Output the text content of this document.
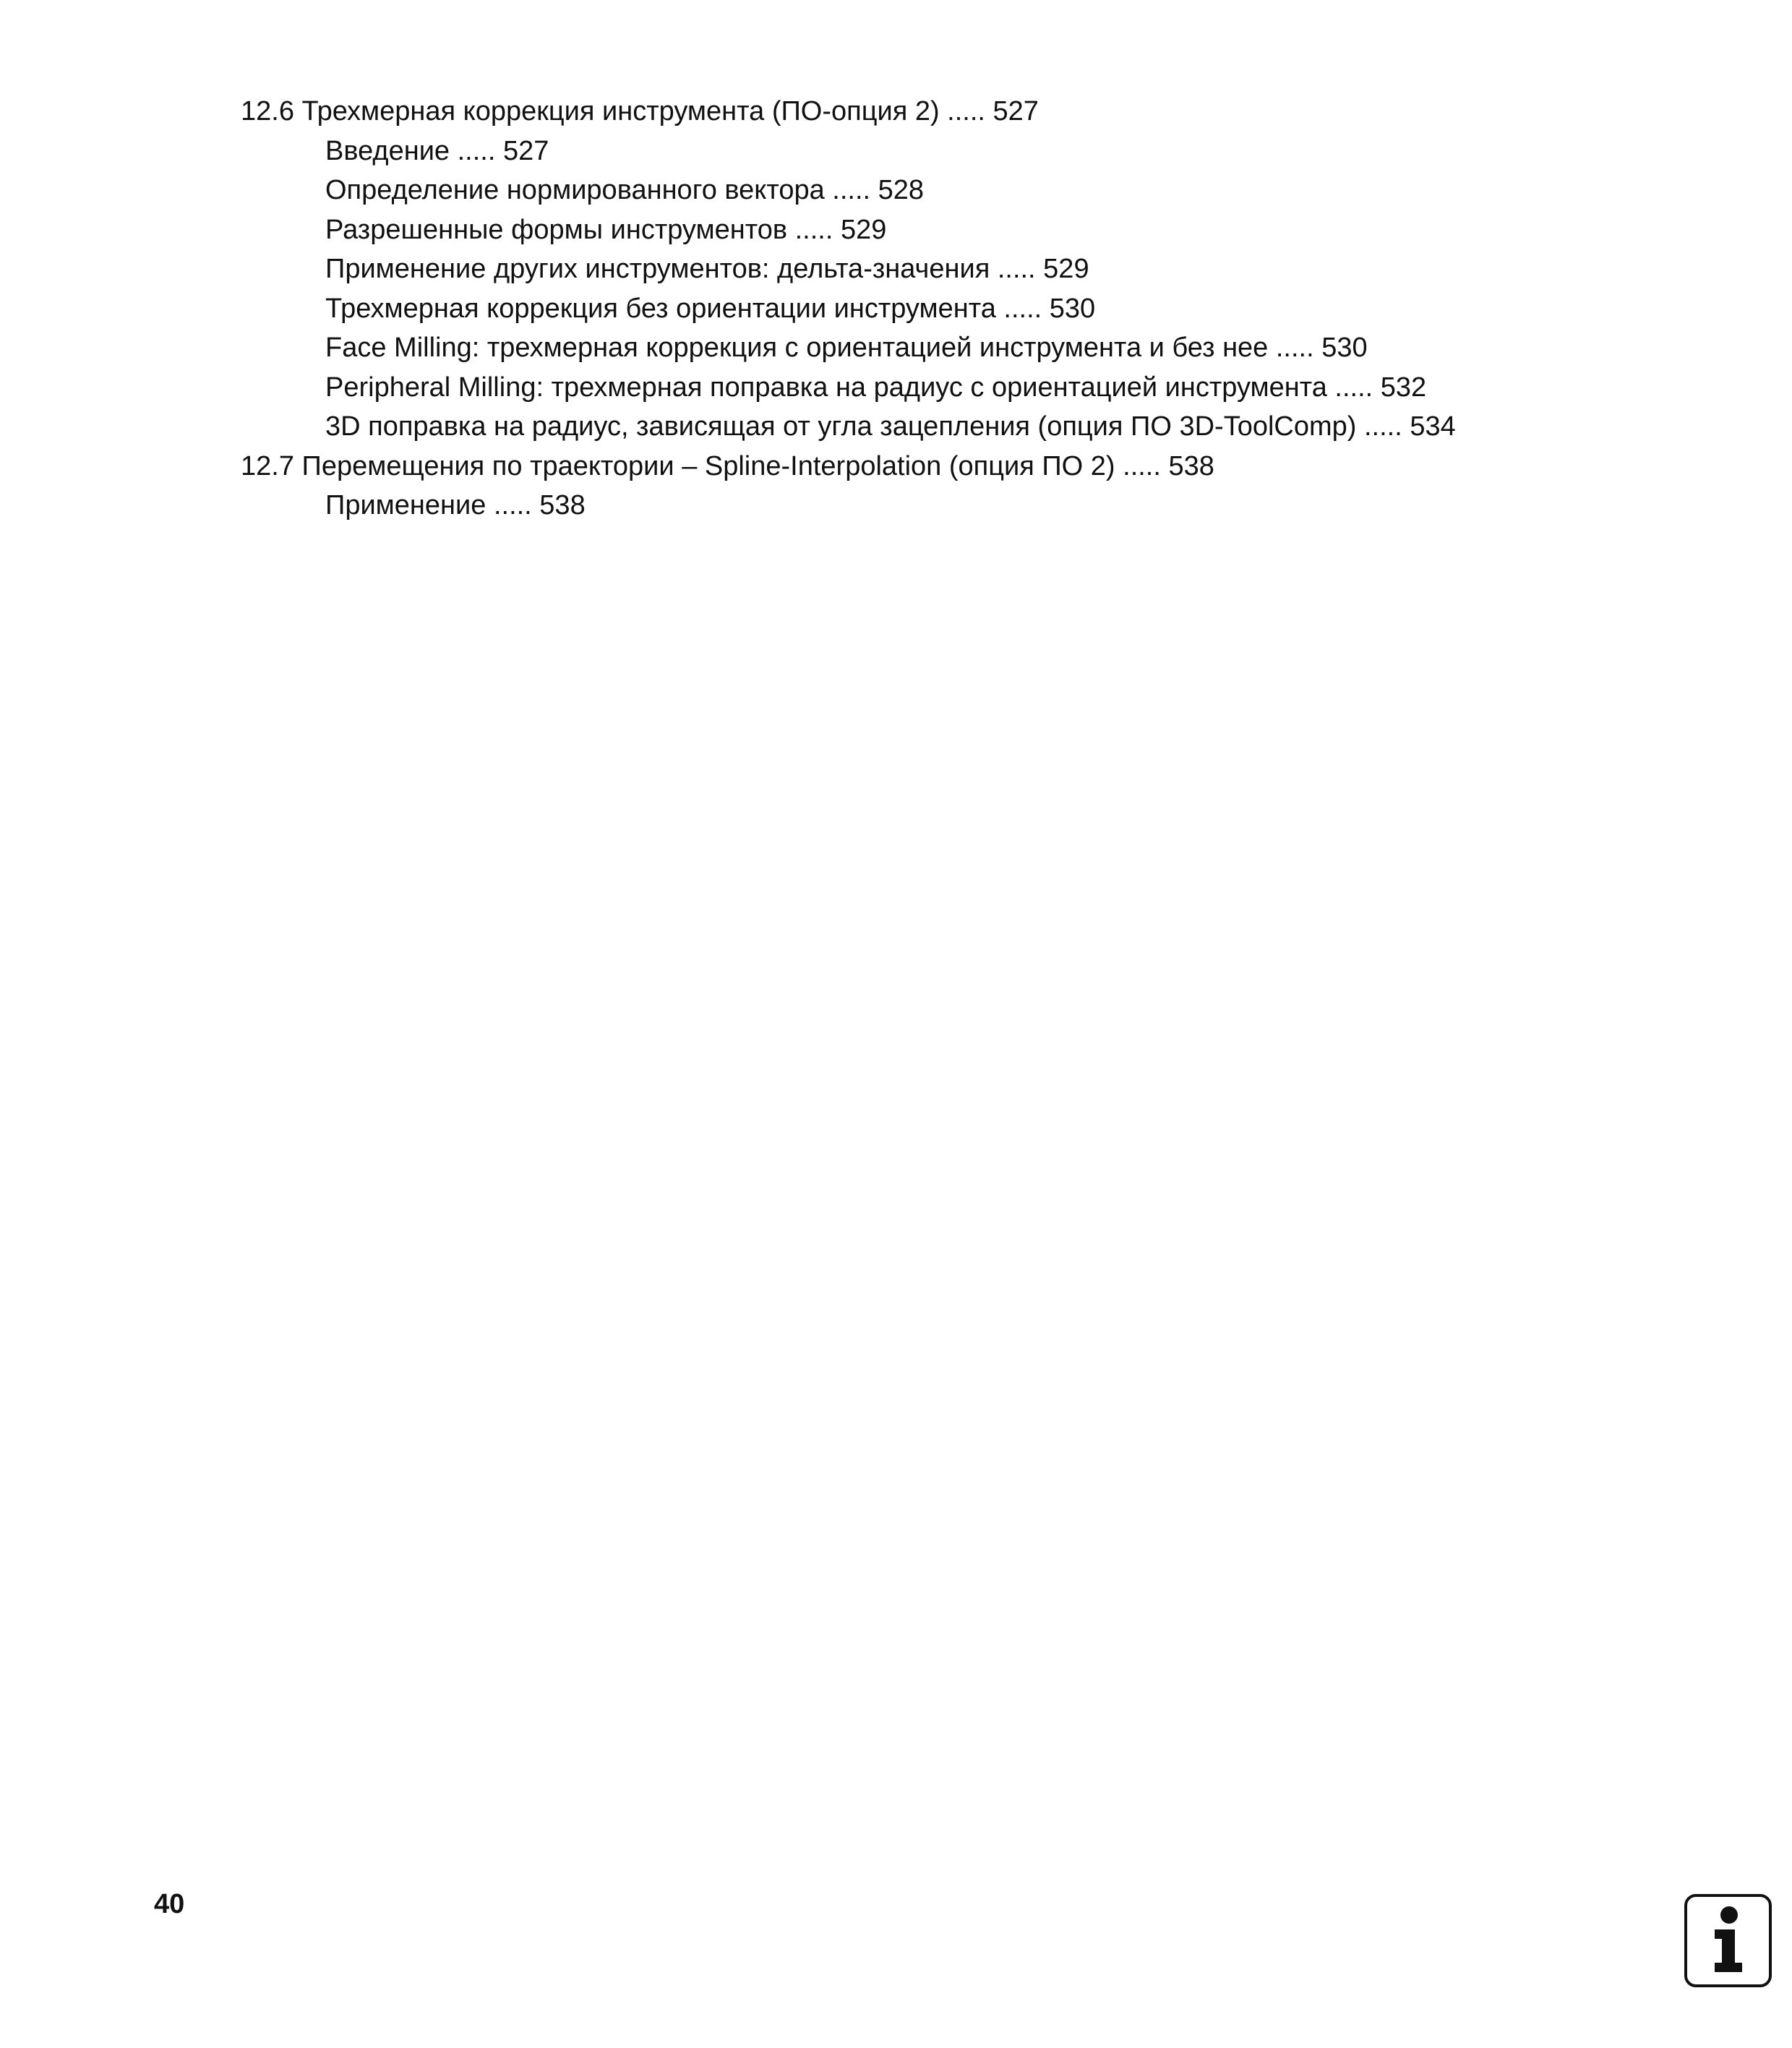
12.6 Трехмерная коррекция инструмента (ПО-опция 2) ..... 527
Введение ..... 527
Определение нормированного вектора ..... 528
Разрешенные формы инструментов ..... 529
Применение других инструментов: дельта-значения ..... 529
Трехмерная коррекция без ориентации инструмента ..... 530
Face Milling: трехмерная коррекция с ориентацией инструмента и без нее ..... 530
Peripheral Milling: трехмерная поправка на радиус с ориентацией инструмента ..... 532
3D поправка на радиус, зависящая от угла зацепления (опция ПО 3D-ToolComp) ..... 534
12.7 Перемещения по траектории – Spline-Interpolation (опция ПО 2) ..... 538
Применение ..... 538
40
